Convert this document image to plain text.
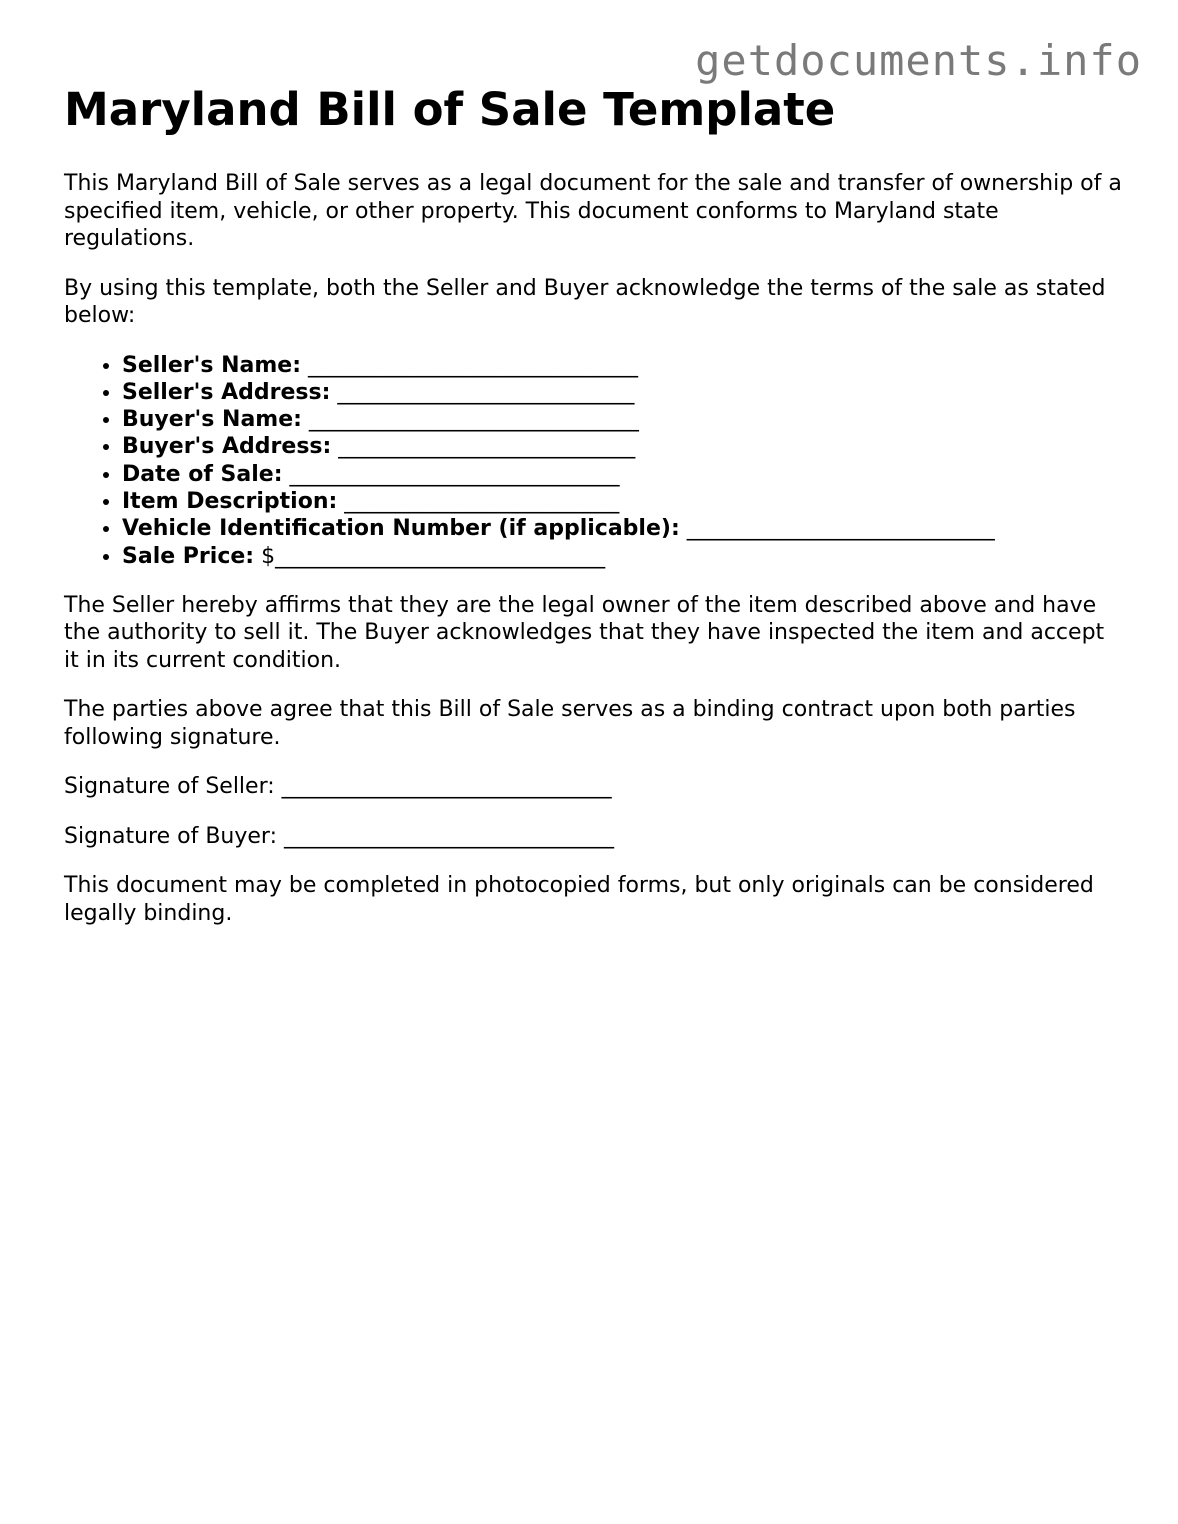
getdocuments.info
Maryland Bill of Sale Template

This Maryland Bill of Sale serves as a legal document for the sale and transfer of ownership of a specified item, vehicle, or other property. This document conforms to Maryland state regulations.

By using this template, both the Seller and Buyer acknowledge the terms of the sale as stated below:

• Seller's Name: ______________________________
• Seller's Address: ___________________________
• Buyer's Name: ______________________________
• Buyer's Address: ___________________________
• Date of Sale: ______________________________
• Item Description: _________________________
• Vehicle Identification Number (if applicable): ____________________________
• Sale Price: $______________________________

The Seller hereby affirms that they are the legal owner of the item described above and have the authority to sell it. The Buyer acknowledges that they have inspected the item and accept it in its current condition.

The parties above agree that this Bill of Sale serves as a binding contract upon both parties following signature.

Signature of Seller: ______________________________

Signature of Buyer: ______________________________

This document may be completed in photocopied forms, but only originals can be considered legally binding.
